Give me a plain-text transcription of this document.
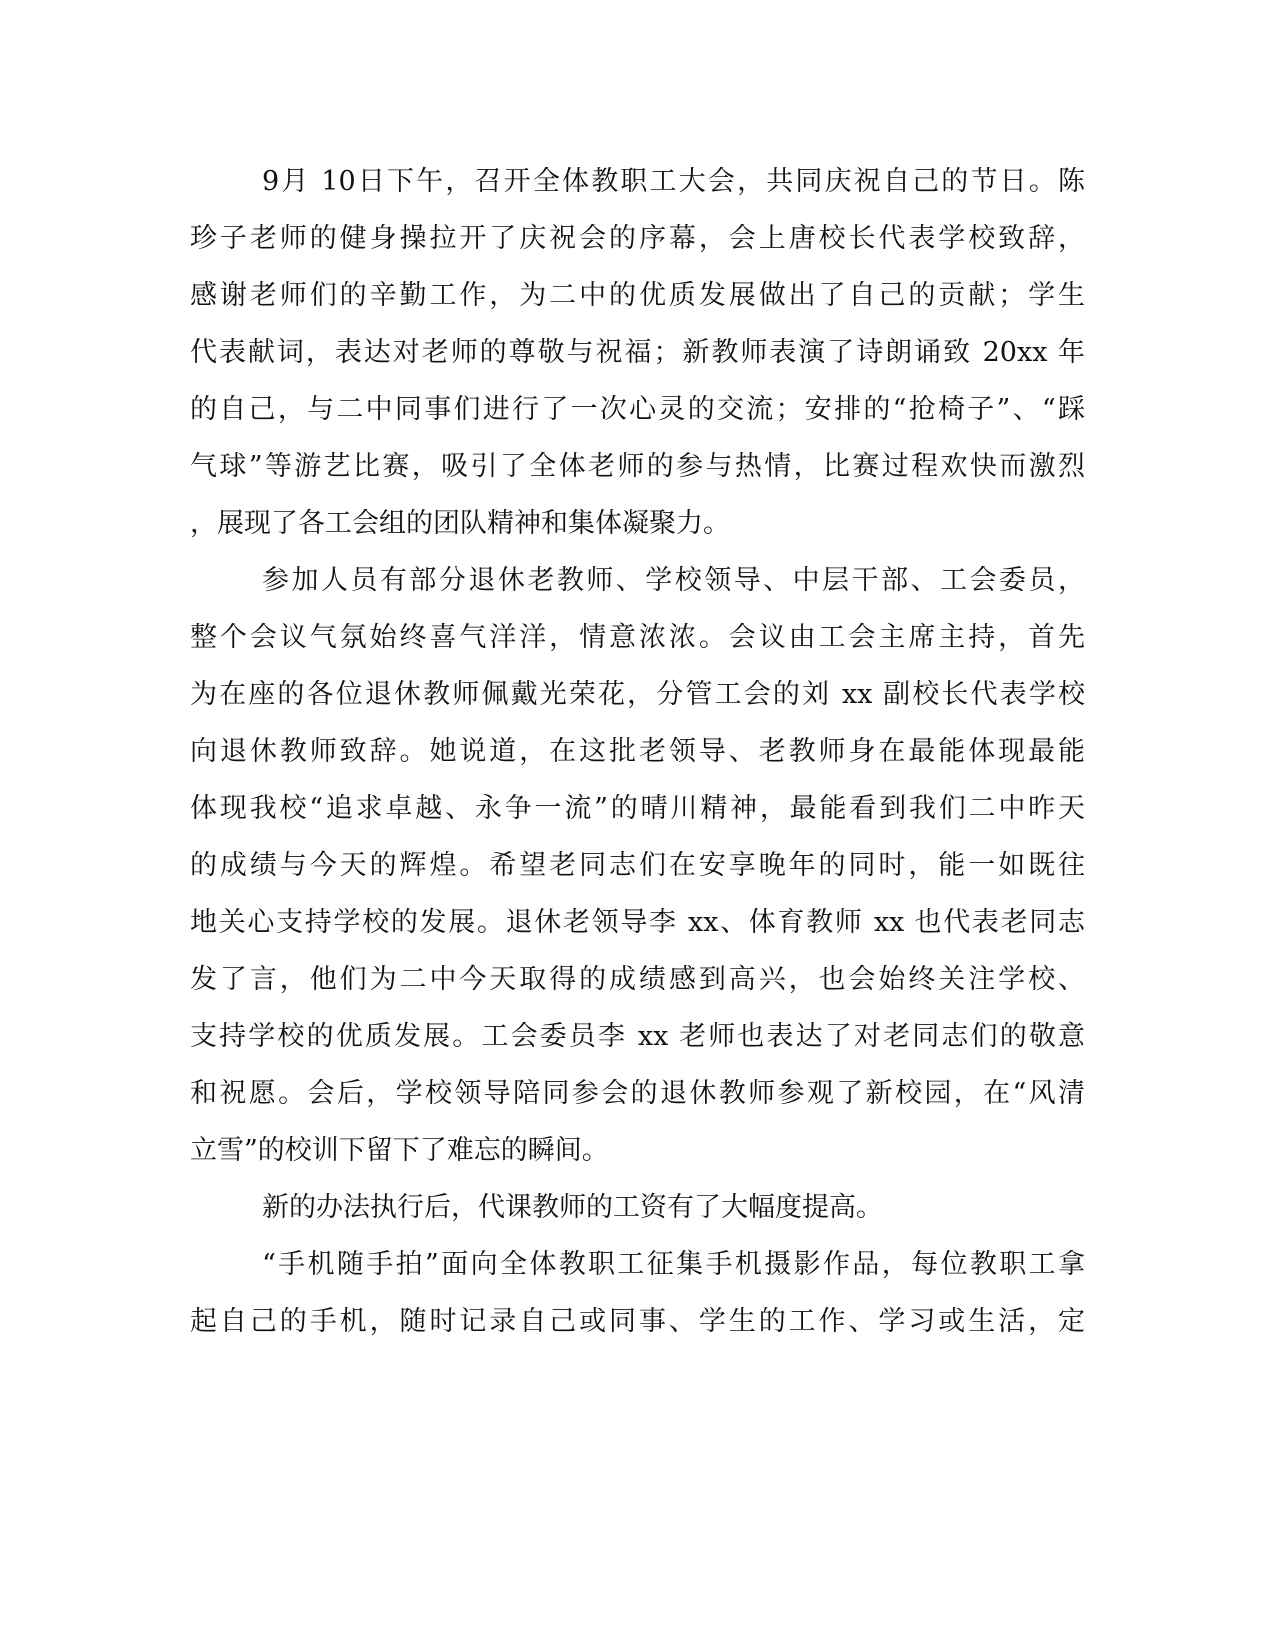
9月 10日下午，召开全体教职工大会，共同庆祝自己的节日。陈
珍子老师的健身操拉开了庆祝会的序幕，会上唐校长代表学校致辞，
感谢老师们的辛勤工作，为二中的优质发展做出了自己的贡献；学生
代表献词，表达对老师的尊敬与祝福；新教师表演了诗朗诵致 20xx 年
的自己，与二中同事们进行了一次心灵的交流；安排的“抢椅子”、“踩
气球”等游艺比赛，吸引了全体老师的参与热情，比赛过程欢快而激烈
，展现了各工会组的团队精神和集体凝聚力。
参加人员有部分退休老教师、学校领导、中层干部、工会委员，
整个会议气氛始终喜气洋洋，情意浓浓。会议由工会主席主持，首先
为在座的各位退休教师佩戴光荣花，分管工会的刘 xx 副校长代表学校
向退休教师致辞。她说道，在这批老领导、老教师身在最能体现最能
体现我校“追求卓越、永争一流”的晴川精神，最能看到我们二中昨天
的成绩与今天的辉煌。希望老同志们在安享晚年的同时，能一如既往
地关心支持学校的发展。退休老领导李 xx、体育教师 xx 也代表老同志
发了言，他们为二中今天取得的成绩感到高兴，也会始终关注学校、
支持学校的优质发展。工会委员李 xx 老师也表达了对老同志们的敬意
和祝愿。会后，学校领导陪同参会的退休教师参观了新校园，在“风清
立雪”的校训下留下了难忘的瞬间。
新的办法执行后，代课教师的工资有了大幅度提高。
“手机随手拍”面向全体教职工征集手机摄影作品，每位教职工拿
起自己的手机，随时记录自己或同事、学生的工作、学习或生活，定
